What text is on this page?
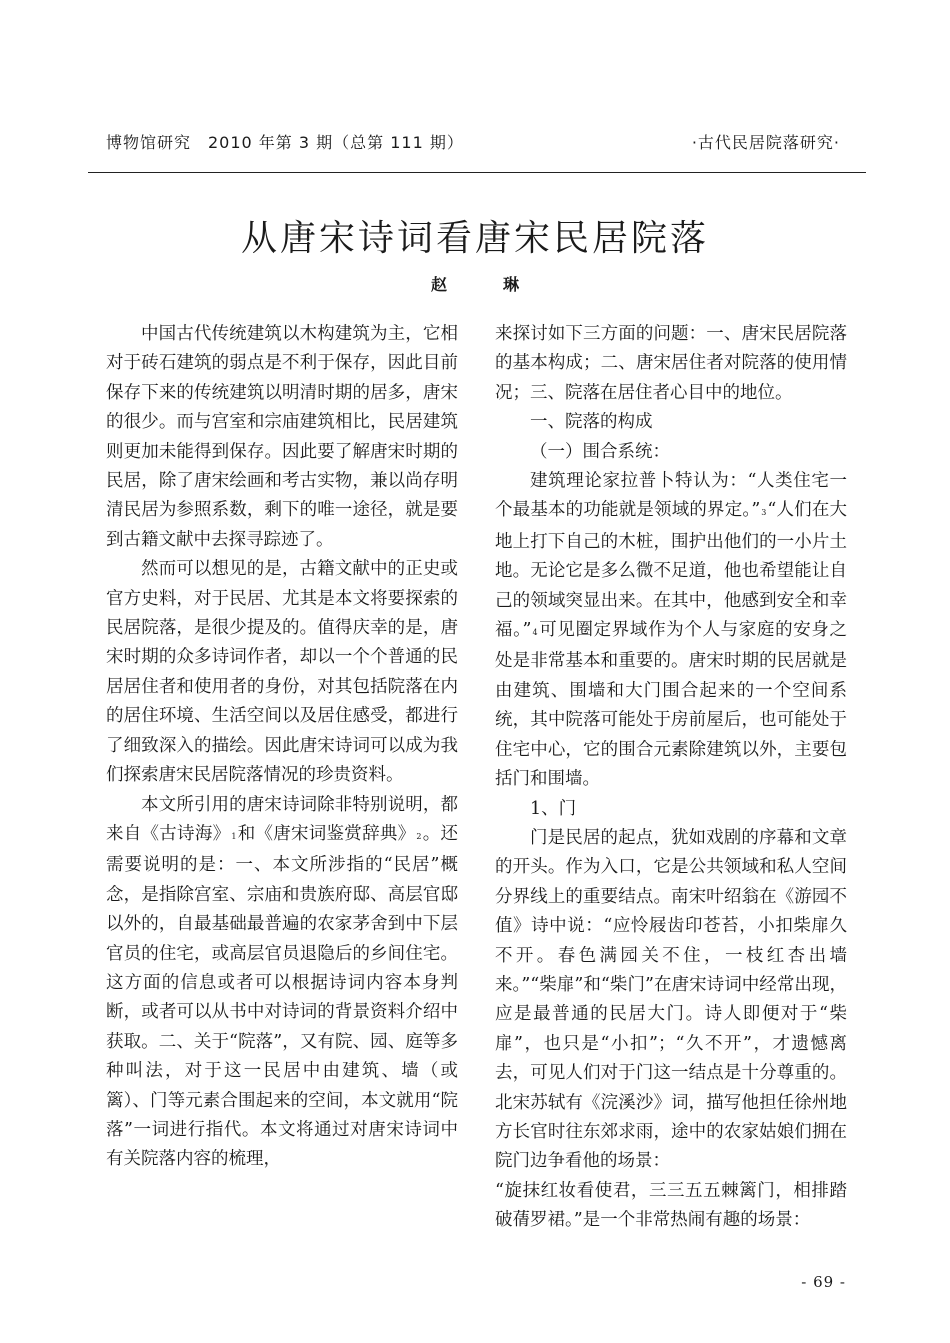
博物馆研究　2010 年第 3 期（总第 111 期）	·古代民居院落研究·
从唐宋诗词看唐宋民居院落
赵　琳

中国古代传统建筑以木构建筑为主，它相对于砖石建筑的弱点是不利于保存，因此目前保存下来的传统建筑以明清时期的居多，唐宋的很少。而与宫室和宗庙建筑相比，民居建筑则更加未能得到保存。因此要了解唐宋时期的民居，除了唐宋绘画和考古实物，兼以尚存明清民居为参照系数，剩下的唯一途径，就是要到古籍文献中去探寻踪迹了。

然而可以想见的是，古籍文献中的正史或官方史料，对于民居、尤其是本文将要探索的民居院落，是很少提及的。值得庆幸的是，唐宋时期的众多诗词作者，却以一个个普通的民居居住者和使用者的身份，对其包括院落在内的居住环境、生活空间以及居住感受，都进行了细致深入的描绘。因此唐宋诗词可以成为我们探索唐宋民居院落情况的珍贵资料。

本文所引用的唐宋诗词除非特别说明，都来自《古诗海》1和《唐宋词鉴赏辞典》2。还需要说明的是：一、本文所涉指的“民居”概念，是指除宫室、宗庙和贵族府邸、高层官邸以外的，自最基础最普遍的农家茅舍到中下层官员的住宅，或高层官员退隐后的乡间住宅。这方面的信息或者可以根据诗词内容本身判断，或者可以从书中对诗词的背景资料介绍中获取。二、关于“院落”，又有院、园、庭等多种叫法，对于这一民居中由建筑、墙（或篱）、门等元素合围起来的空间，本文就用“院落”一词进行指代。本文将通过对唐宋诗词中有关院落内容的梳理，

来探讨如下三方面的问题：一、唐宋民居院落的基本构成；二、唐宋居住者对院落的使用情况；三、院落在居住者心目中的地位。

一、院落的构成

（一）围合系统：

建筑理论家拉普卜特认为：“人类住宅一个最基本的功能就是领域的界定。”3“人们在大地上打下自己的木桩，围护出他们的一小片土地。无论它是多么微不足道，他也希望能让自己的领域突显出来。在其中，他感到安全和幸福。”4可见圈定界域作为个人与家庭的安身之处是非常基本和重要的。唐宋时期的民居就是由建筑、围墙和大门围合起来的一个空间系统，其中院落可能处于房前屋后，也可能处于住宅中心，它的围合元素除建筑以外，主要包括门和围墙。

1、门

门是民居的起点，犹如戏剧的序幕和文章的开头。作为入口，它是公共领域和私人空间分界线上的重要结点。南宋叶绍翁在《游园不值》诗中说：“应怜屐齿印苍苔，小扣柴扉久不开。春色满园关不住，一枝红杏出墙来。”“柴扉”和“柴门”在唐宋诗词中经常出现，应是最普通的民居大门。诗人即便对于“柴扉”，也只是“小扣”；“久不开”，才遗憾离去，可见人们对于门这一结点是十分尊重的。北宋苏轼有《浣溪沙》词，描写他担任徐州地方长官时往东郊求雨，途中的农家姑娘们拥在院门边争看他的场景：

“旋抹红妆看使君，三三五五棘篱门，相排踏破蒨罗裙。”是一个非常热闹有趣的场景：

- 69 -
